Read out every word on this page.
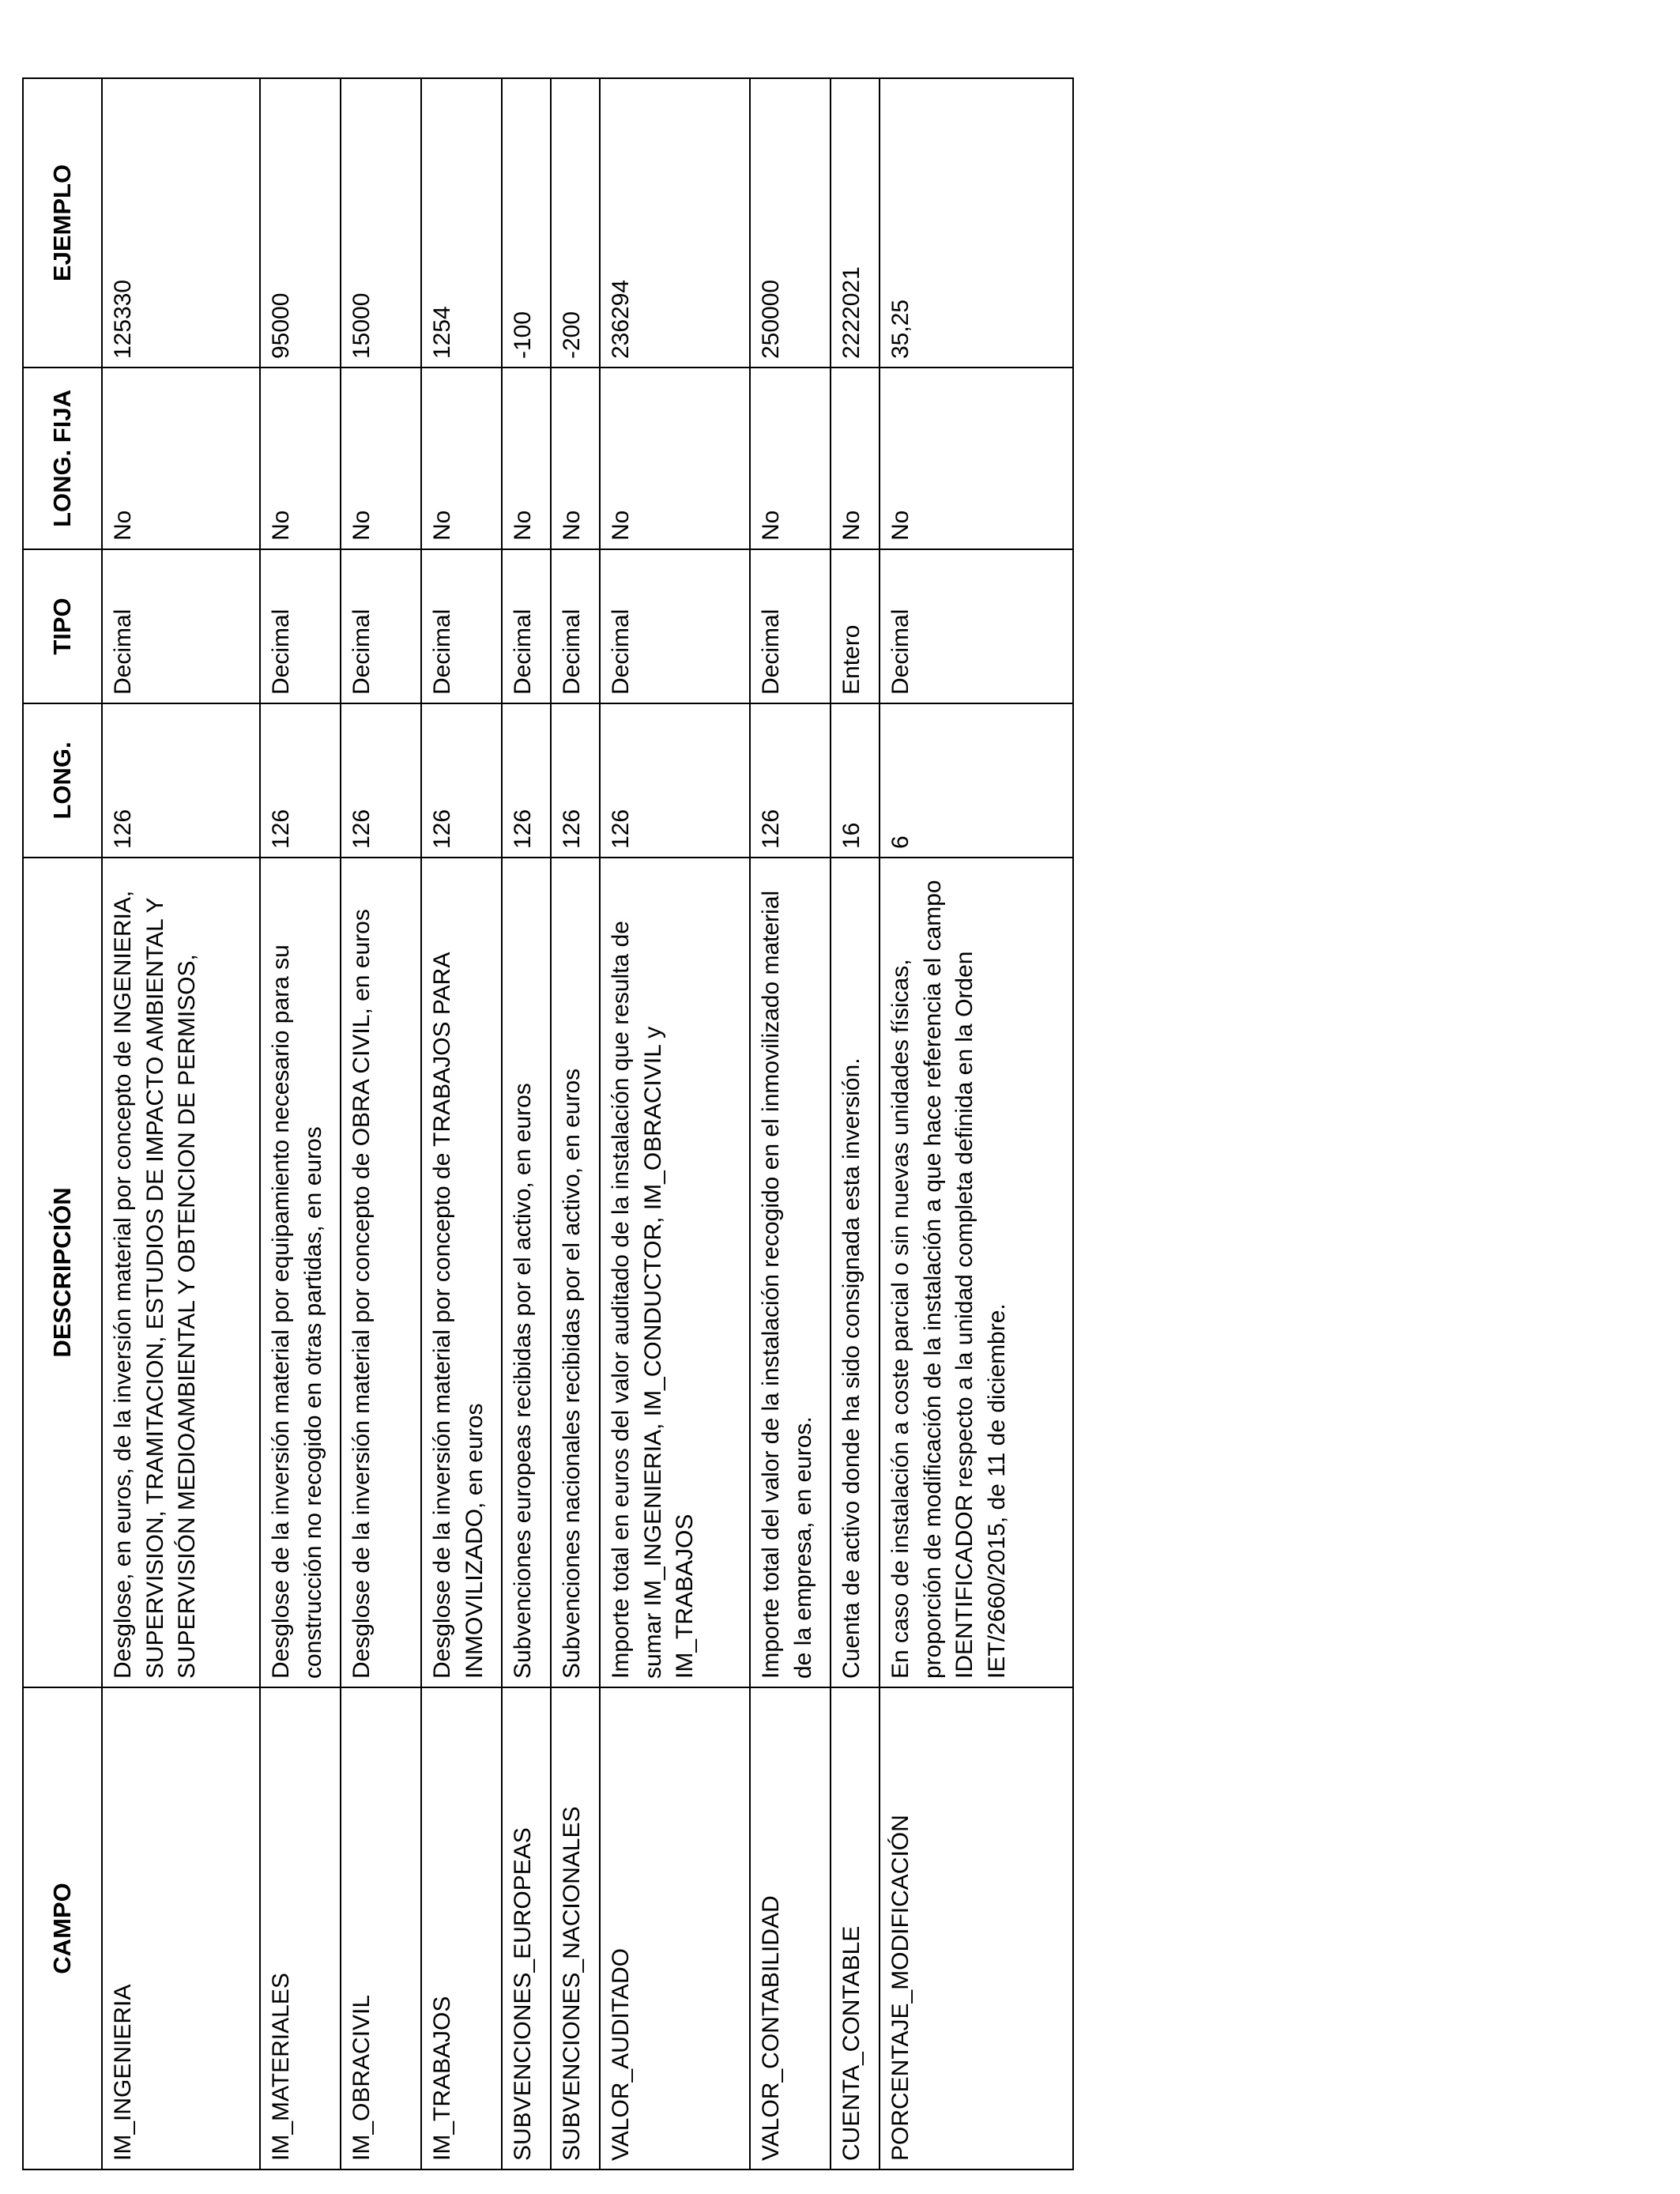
CAMPO	DESCRIPCIÓN	LONG.	TIPO	LONG. FIJA	EJEMPLO
IM_INGENIERIA	Desglose, en euros, de la inversión material por concepto de INGENIERIA, SUPERVISION, TRAMITACION, ESTUDIOS DE IMPACTO AMBIENTAL Y SUPERVISIÓN MEDIOAMBIENTAL Y OBTENCION DE PERMISOS,	126	Decimal	No	125330
IM_MATERIALES	Desglose de la inversión material por equipamiento necesario para su construcción no recogido en otras partidas, en euros	126	Decimal	No	95000
IM_OBRACIVIL	Desglose de la inversión material por concepto de OBRA CIVIL, en euros	126	Decimal	No	15000
IM_TRABAJOS	Desglose de la inversión material por concepto de TRABAJOS PARA INMOVILIZADO, en euros	126	Decimal	No	1254
SUBVENCIONES_EUROPEAS	Subvenciones europeas recibidas por el activo, en euros	126	Decimal	No	-100
SUBVENCIONES_NACIONALES	Subvenciones nacionales recibidas por el activo, en euros	126	Decimal	No	-200
VALOR_AUDITADO	Importe total en euros del valor auditado de la instalación que resulta de sumar IM_INGENIERIA, IM_CONDUCTOR, IM_OBRACIVIL y IM_TRABAJOS	126	Decimal	No	236294
VALOR_CONTABILIDAD	Importe total del valor de la instalación recogido en el inmovilizado material de la empresa, en euros.	126	Decimal	No	250000
CUENTA_CONTABLE	Cuenta de activo donde ha sido consignada esta inversión.	16	Entero	No	2222021
PORCENTAJE_MODIFICACIÓN	En caso de instalación a coste parcial o sin nuevas unidades físicas, proporción de modificación de la instalación a que hace referencia el campo IDENTIFICADOR respecto a la unidad completa definida en la Orden IET/2660/2015, de 11 de diciembre.	6	Decimal	No	35,25
